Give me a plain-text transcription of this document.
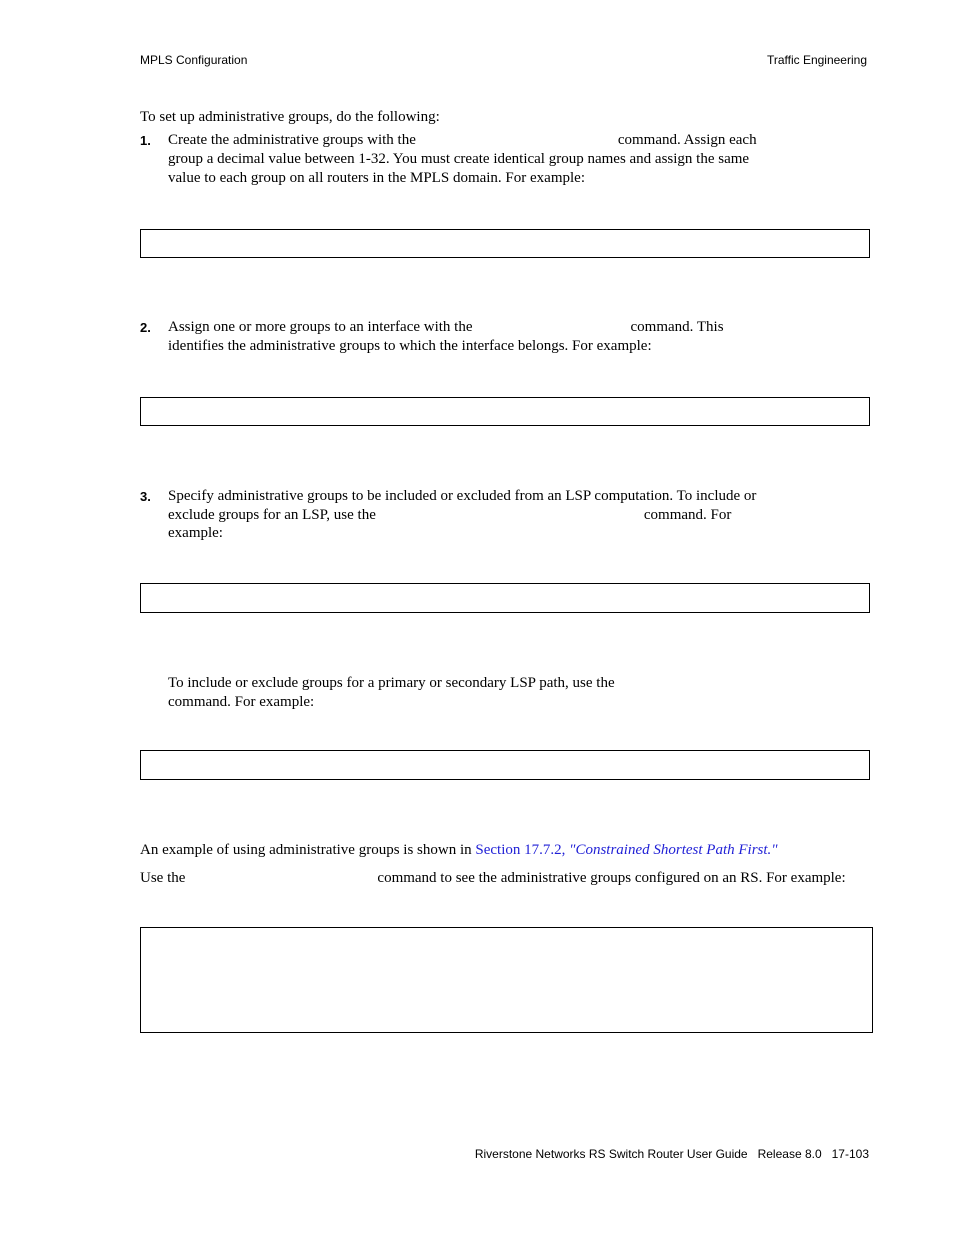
MPLS Configuration	Traffic Engineering
To set up administrative groups, do the following:
1. Create the administrative groups with the	command. Assign each
group a decimal value between 1-32. You must create identical group names and assign the same
value to each group on all routers in the MPLS domain. For example:
2. Assign one or more groups to an interface with the	command. This
identifies the administrative groups to which the interface belongs. For example:
3. Specify administrative groups to be included or excluded from an LSP computation. To include or
exclude groups for an LSP, use the	command. For
example:
To include or exclude groups for a primary or secondary LSP path, use the
command. For example:
An example of using administrative groups is shown in Section 17.7.2, "Constrained Shortest Path First."
Use the	command to see the administrative groups configured on an RS. For example:
Riverstone Networks RS Switch Router User Guide   Release 8.0   17-103
